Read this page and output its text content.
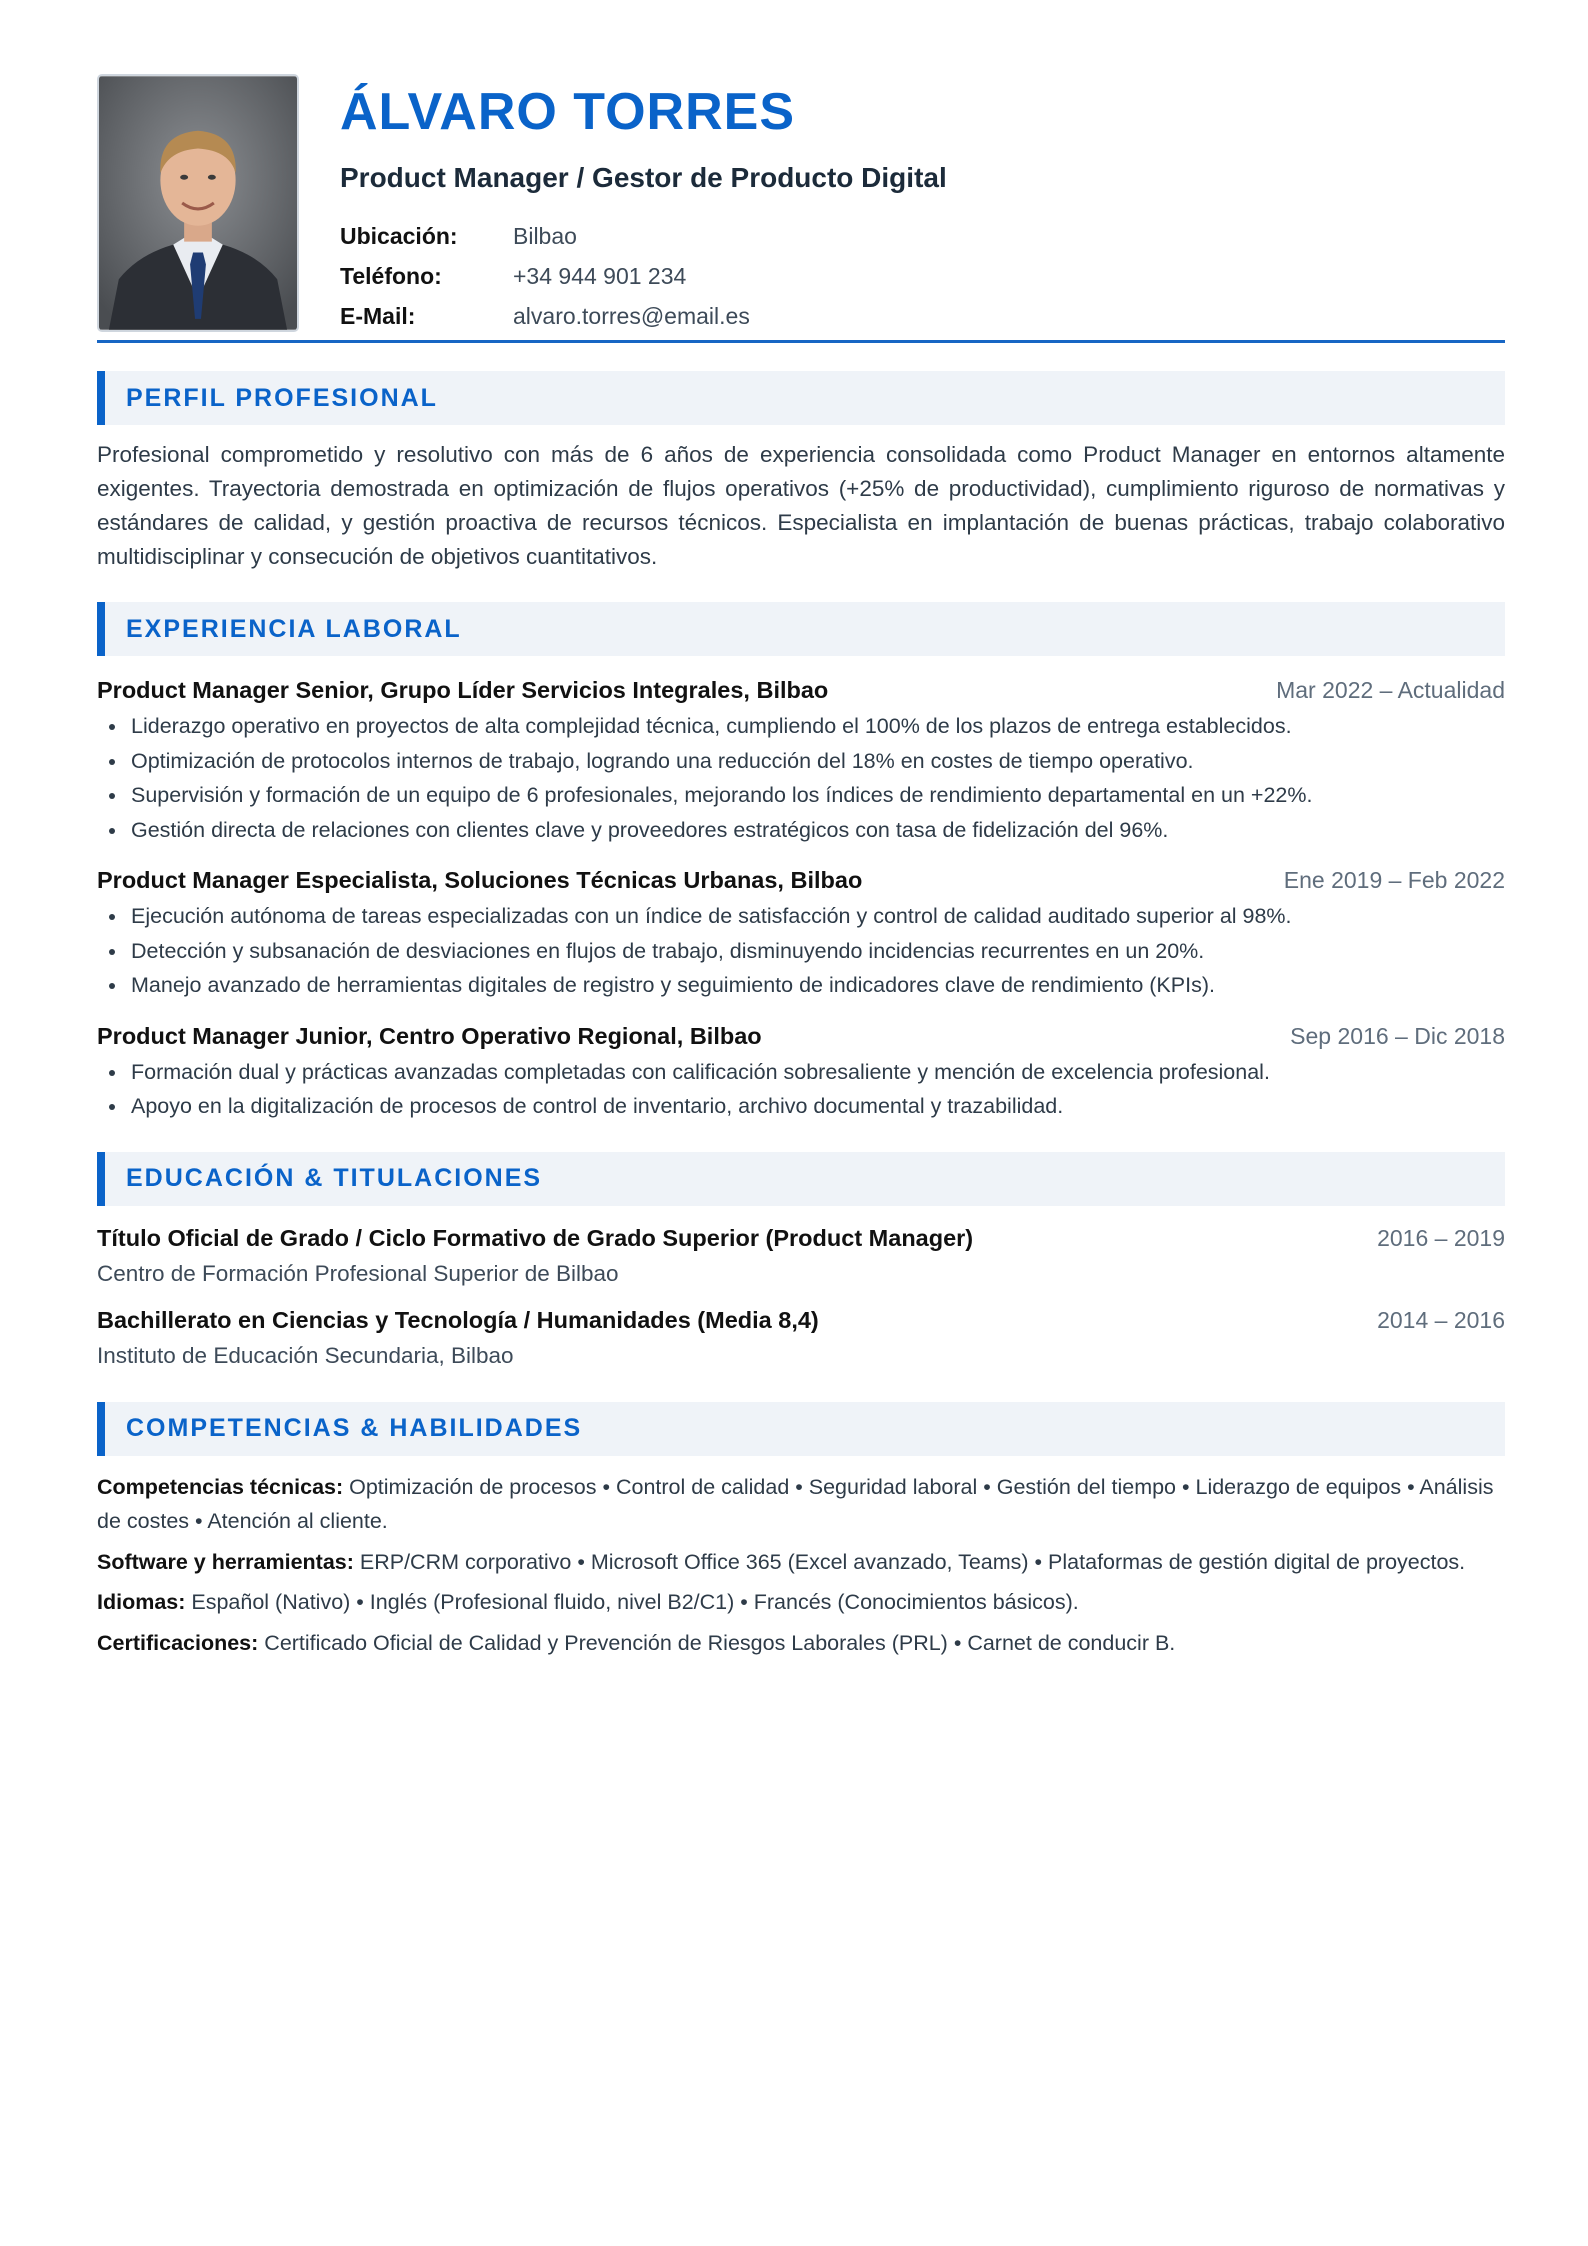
ÁLVARO TORRES
Product Manager / Gestor de Producto Digital
Ubicación:	Bilbao
Teléfono:	+34 944 901 234
E-Mail:	alvaro.torres@email.es
PERFIL PROFESIONAL
Profesional comprometido y resolutivo con más de 6 años de experiencia consolidada como Product Manager en entornos altamente exigentes. Trayectoria demostrada en optimización de flujos operativos (+25% de productividad), cumplimiento riguroso de normativas y estándares de calidad, y gestión proactiva de recursos técnicos. Especialista en implantación de buenas prácticas, trabajo colaborativo multidisciplinar y consecución de objetivos cuantitativos.
EXPERIENCIA LABORAL
Product Manager Senior, Grupo Líder Servicios Integrales, Bilbao	Mar 2022 – Actualidad
Liderazgo operativo en proyectos de alta complejidad técnica, cumpliendo el 100% de los plazos de entrega establecidos.
Optimización de protocolos internos de trabajo, logrando una reducción del 18% en costes de tiempo operativo.
Supervisión y formación de un equipo de 6 profesionales, mejorando los índices de rendimiento departamental en un +22%.
Gestión directa de relaciones con clientes clave y proveedores estratégicos con tasa de fidelización del 96%.
Product Manager Especialista, Soluciones Técnicas Urbanas, Bilbao	Ene 2019 – Feb 2022
Ejecución autónoma de tareas especializadas con un índice de satisfacción y control de calidad auditado superior al 98%.
Detección y subsanación de desviaciones en flujos de trabajo, disminuyendo incidencias recurrentes en un 20%.
Manejo avanzado de herramientas digitales de registro y seguimiento de indicadores clave de rendimiento (KPIs).
Product Manager Junior, Centro Operativo Regional, Bilbao	Sep 2016 – Dic 2018
Formación dual y prácticas avanzadas completadas con calificación sobresaliente y mención de excelencia profesional.
Apoyo en la digitalización de procesos de control de inventario, archivo documental y trazabilidad.
EDUCACIÓN & TITULACIONES
Título Oficial de Grado / Ciclo Formativo de Grado Superior (Product Manager)	2016 – 2019
Centro de Formación Profesional Superior de Bilbao
Bachillerato en Ciencias y Tecnología / Humanidades (Media 8,4)	2014 – 2016
Instituto de Educación Secundaria, Bilbao
COMPETENCIAS & HABILIDADES
Competencias técnicas: Optimización de procesos • Control de calidad • Seguridad laboral • Gestión del tiempo • Liderazgo de equipos • Análisis de costes • Atención al cliente.
Software y herramientas: ERP/CRM corporativo • Microsoft Office 365 (Excel avanzado, Teams) • Plataformas de gestión digital de proyectos.
Idiomas: Español (Nativo) • Inglés (Profesional fluido, nivel B2/C1) • Francés (Conocimientos básicos).
Certificaciones: Certificado Oficial de Calidad y Prevención de Riesgos Laborales (PRL) • Carnet de conducir B.
